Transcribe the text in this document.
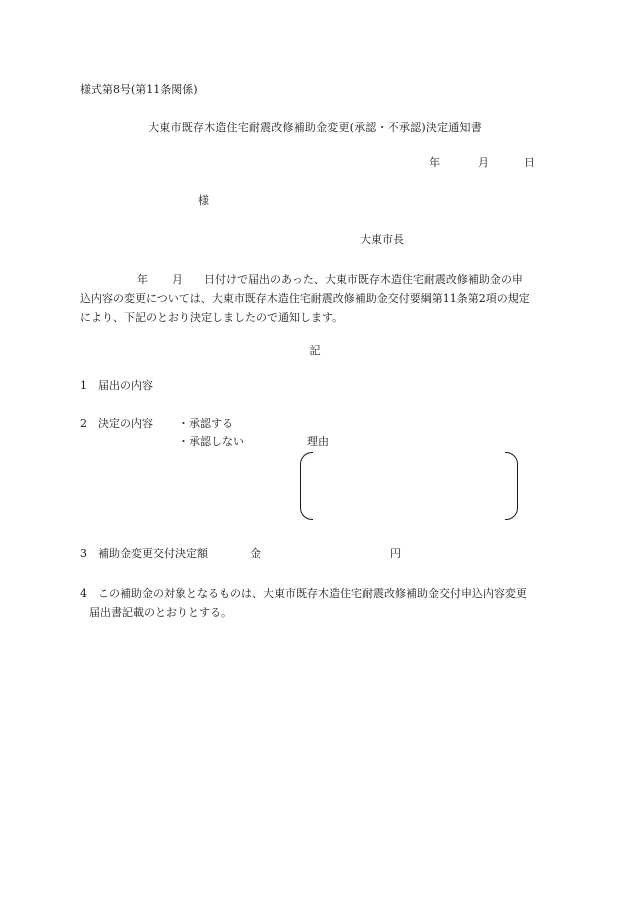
様式第8号(第11条関係)
大東市既存木造住宅耐震改修補助金変更(承認・不承認)決定通知書
年	月	日
様
大東市長
年 月 日付けで届出のあった、大東市既存木造住宅耐震改修補助金の申
込内容の変更については、大東市既存木造住宅耐震改修補助金交付要綱第11条第2項の規定
により、下記のとおり決定しましたので通知します。
記
1　届出の内容
2　決定の内容 ・承認する
・承認しない	理由
3　補助金変更交付決定額	金	円
4　この補助金の対象となるものは、大東市既存木造住宅耐震改修補助金交付申込内容変更
届出書記載のとおりとする。
